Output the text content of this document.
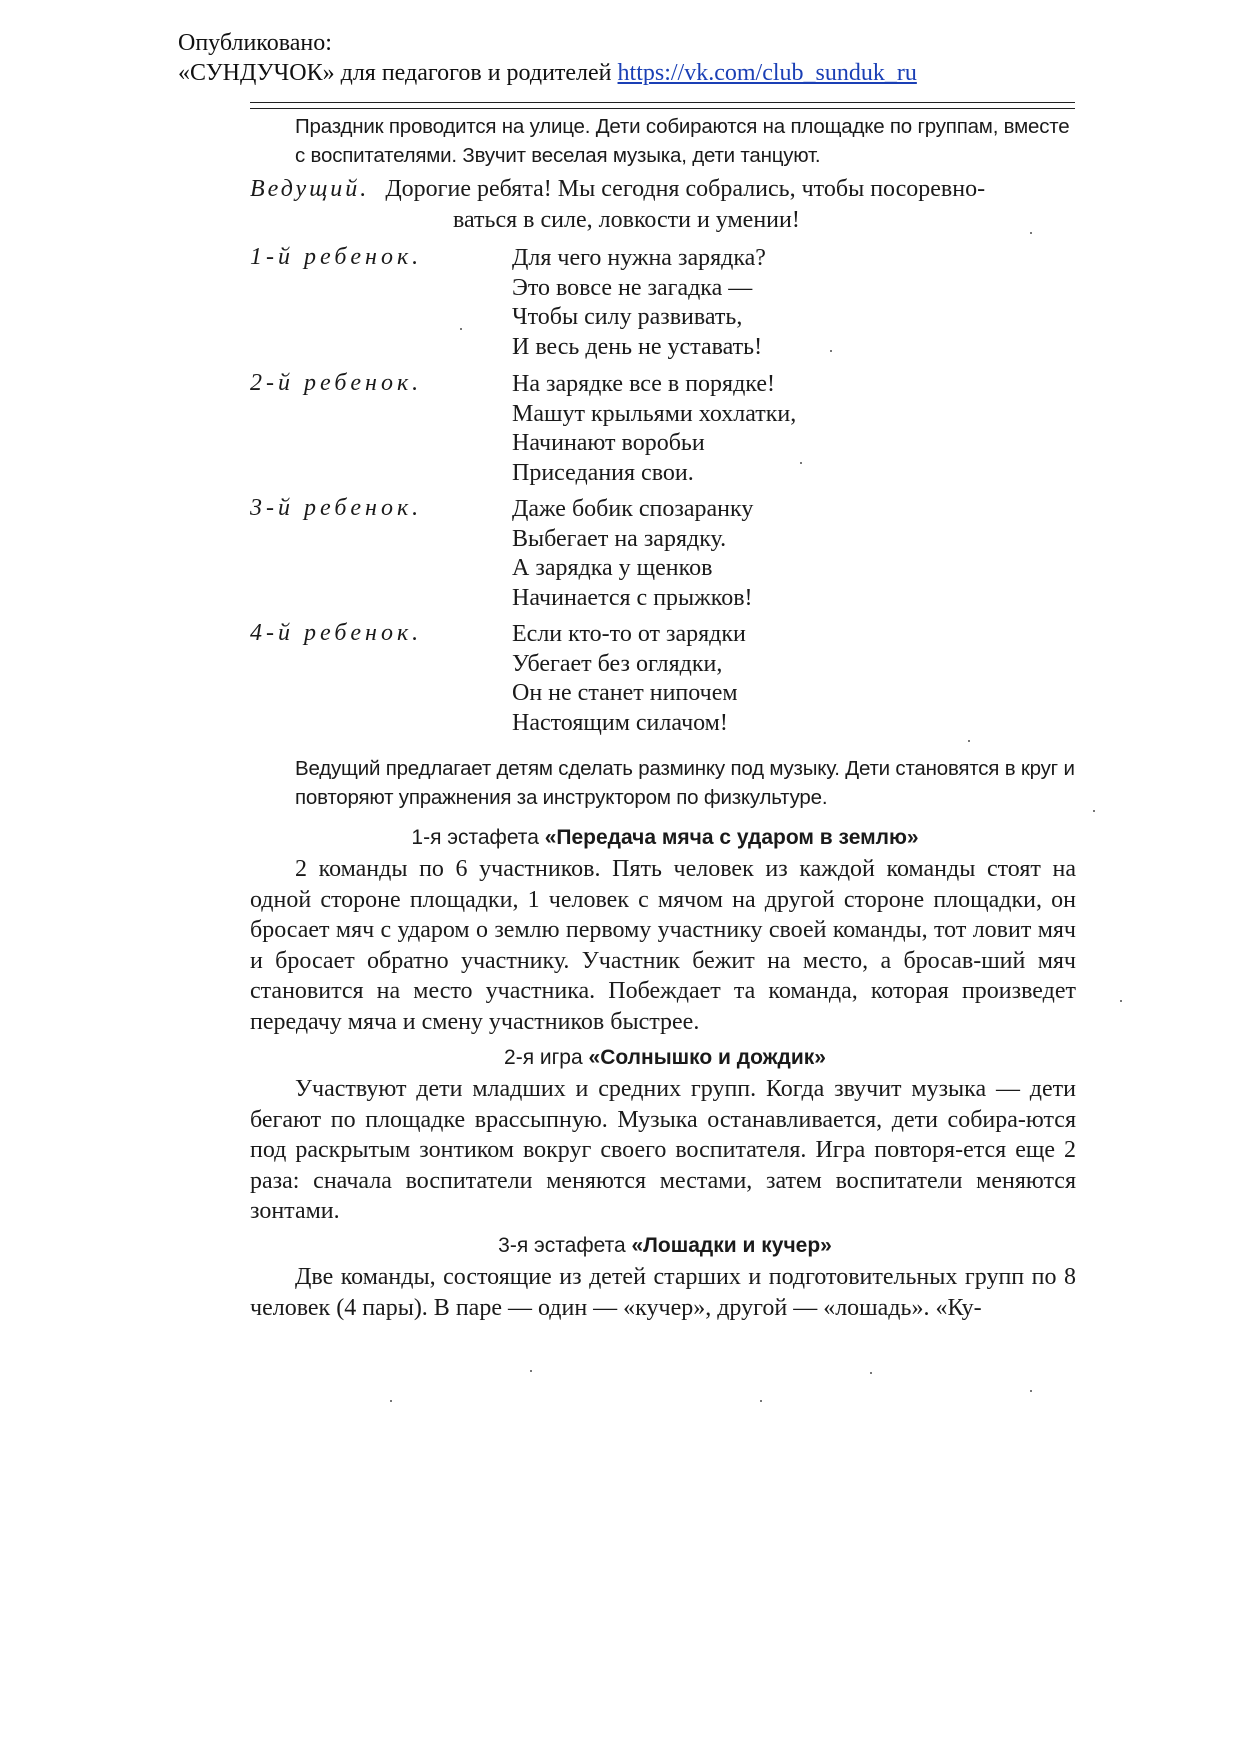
Опубликовано:
«СУНДУЧОК» для педагогов и родителей https://vk.com/club_sunduk_ru
Праздник проводится на улице. Дети собираются на площадке по группам, вместе с воспитателями. Звучит веселая музыка, дети танцуют.
Ведущий. Дорогие ребята! Мы сегодня собрались, чтобы посоревно-
ваться в силе, ловкости и умении!
1-й ребенок.	Для чего нужна зарядка?
Это вовсе не загадка —
Чтобы силу развивать,
И весь день не уставать!
2-й ребенок.	На зарядке все в порядке!
Машут крыльями хохлатки,
Начинают воробьи
Приседания свои.
3-й ребенок.	Даже бобик спозаранку
Выбегает на зарядку.
А зарядка у щенков
Начинается с прыжков!
4-й ребенок.	Если кто-то от зарядки
Убегает без оглядки,
Он не станет нипочем
Настоящим силачом!
Ведущий предлагает детям сделать разминку под музыку. Дети становятся в круг и повторяют упражнения за инструктором по физкультуре.
1-я эстафета «Передача мяча с ударом в землю»
2 команды по 6 участников. Пять человек из каждой команды стоят на одной стороне площадки, 1 человек с мячом на другой стороне площадки, он бросает мяч с ударом о землю первому участнику своей команды, тот ловит мяч и бросает обратно участнику. Участник бежит на место, а бросав-ший мяч становится на место участника. Побеждает та команда, которая произведет передачу мяча и смену участников быстрее.
2-я игра «Солнышко и дождик»
Участвуют дети младших и средних групп. Когда звучит музыка — дети бегают по площадке врассыпную. Музыка останавливается, дети собира-ются под раскрытым зонтиком вокруг своего воспитателя. Игра повторя-ется еще 2 раза: сначала воспитатели меняются местами, затем воспитатели меняются зонтами.
3-я эстафета «Лошадки и кучер»
Две команды, состоящие из детей старших и подготовительных групп по 8 человек (4 пары). В паре — один — «кучер», другой — «лошадь». «Ку-
